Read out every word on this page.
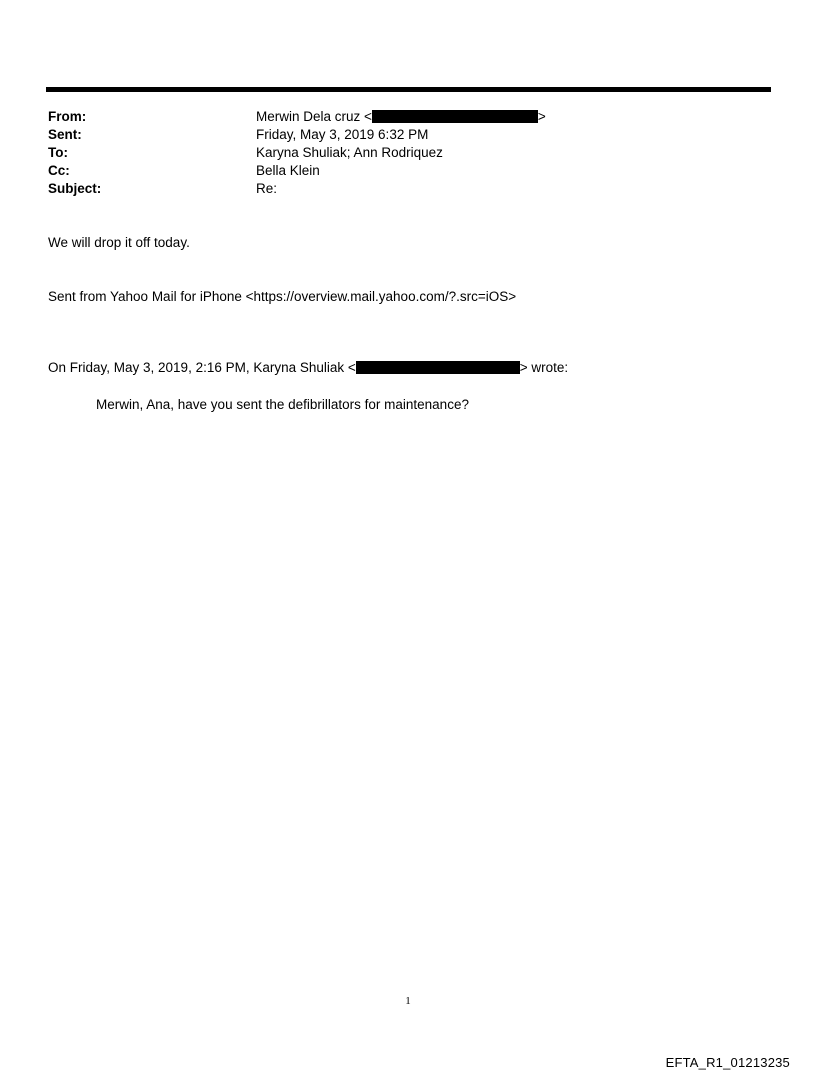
From:	Merwin Dela cruz <	>
Sent:	Friday, May 3, 2019 6:32 PM
To:	Karyna Shuliak; Ann Rodriquez
Cc:	Bella Klein
Subject:	Re:
We will drop it off today.
Sent from Yahoo Mail for iPhone <https://overview.mail.yahoo.com/?.src=iOS>
On Friday, May 3, 2019, 2:16 PM, Karyna Shuliak <	> wrote:
Merwin, Ana, have you sent the defibrillators for maintenance?
1
EFTA_R1_01213235
